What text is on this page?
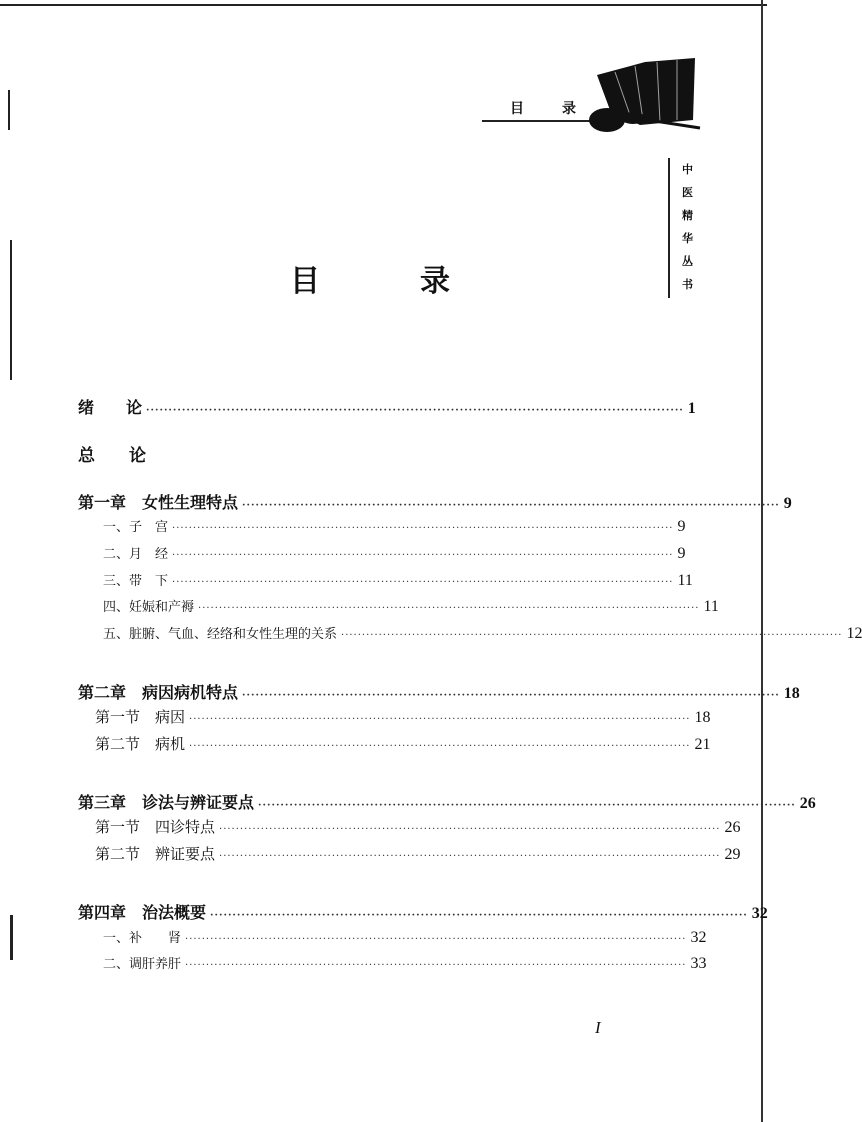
目	录
中
医
精
华
丛
书
目	录
绪　　论 ························································································································ 1
总　　论
第一章　女性生理特点 ························································································································ 9
一、子　宫 ························································································································ 9
二、月　经 ························································································································ 9
三、带　下 ························································································································ 11
四、妊娠和产褥 ························································································································ 11
五、脏腑、气血、经络和女性生理的关系 ························································································································ 12
第二章　病因病机特点 ························································································································ 18
第一节　病因 ························································································································ 18
第二节　病机 ························································································································ 21
第三章　诊法与辨证要点 ························································································································ 26
第一节　四诊特点 ························································································································ 26
第二节　辨证要点 ························································································································ 29
第四章　治法概要 ························································································································ 32
一、补　　肾 ························································································································ 32
二、调肝养肝 ························································································································ 33
I
